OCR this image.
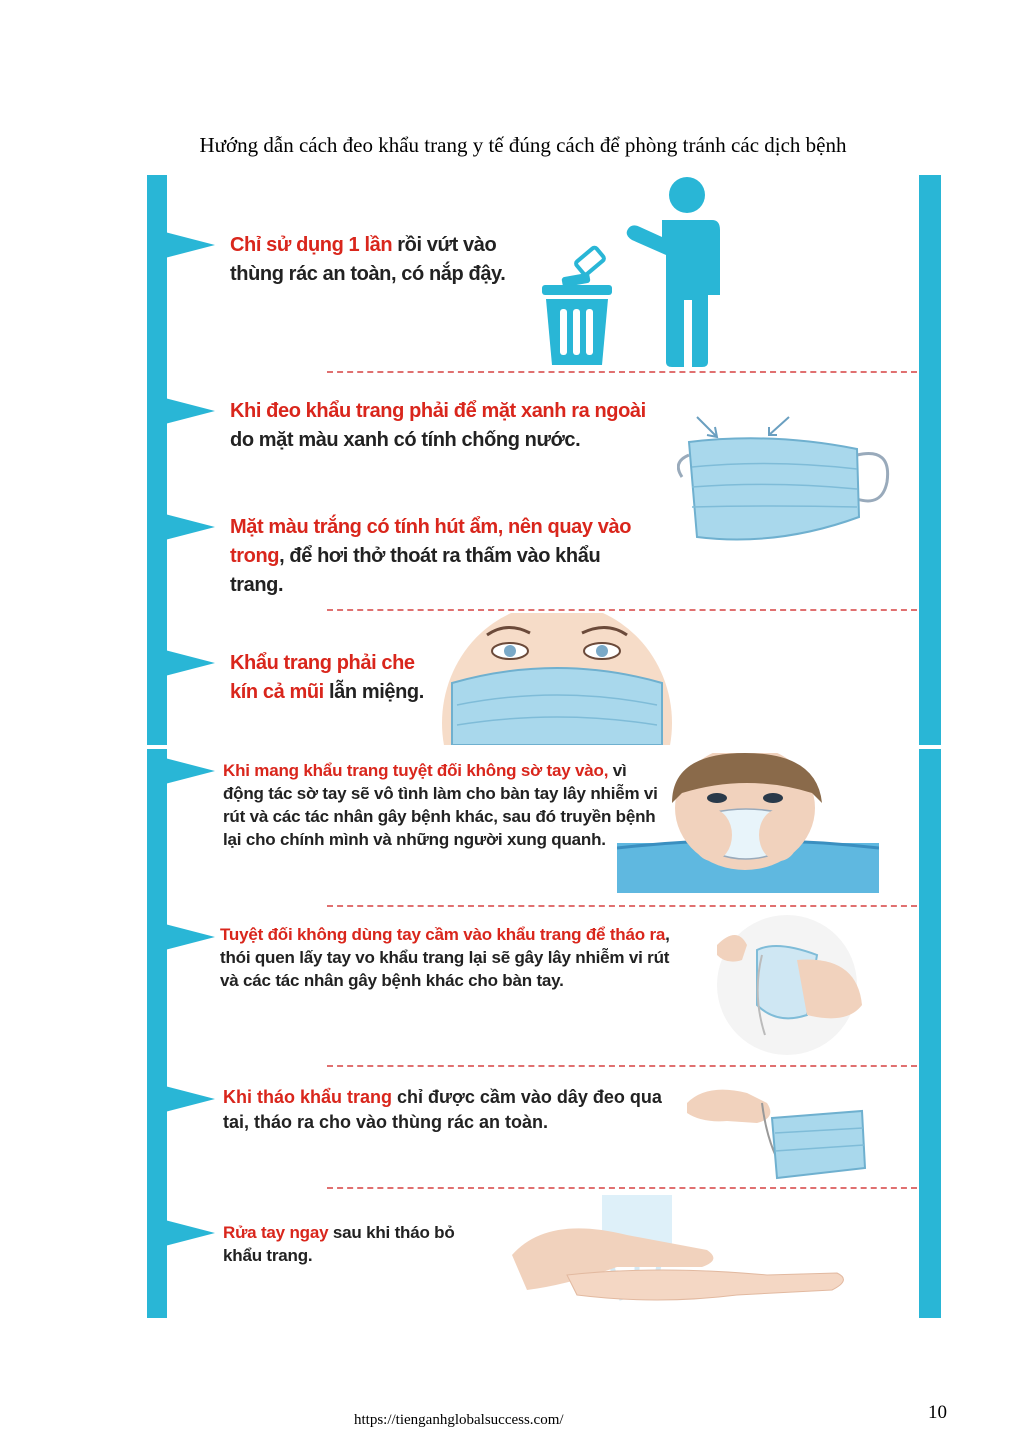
Hướng dẫn cách đeo khẩu trang y tế đúng cách để phòng tránh các dịch bệnh
Chỉ sử dụng 1 lần rồi vứt vào thùng rác an toàn, có nắp đậy.
Khi đeo khẩu trang phải để mặt xanh ra ngoài do mặt màu xanh có tính chống nước.
Mặt màu trắng có tính hút ẩm, nên quay vào trong, để hơi thở thoát ra thấm vào khẩu trang.
Khẩu trang phải che kín cả mũi lẫn miệng.
Khi mang khẩu trang tuyệt đối không sờ tay vào, vì động tác sờ tay sẽ vô tình làm cho bàn tay lây nhiễm vi rút và các tác nhân gây bệnh khác, sau đó truyền bệnh lại cho chính mình và những người xung quanh.
Tuyệt đối không dùng tay cầm vào khẩu trang để tháo ra, thói quen lấy tay vo khẩu trang lại sẽ gây lây nhiễm vi rút và các tác nhân gây bệnh khác cho bàn tay.
Khi tháo khẩu trang chỉ được cầm vào dây đeo qua tai, tháo ra cho vào thùng rác an toàn.
Rửa tay ngay sau khi tháo bỏ khẩu trang.
https://tienganhglobalsuccess.com/	10
